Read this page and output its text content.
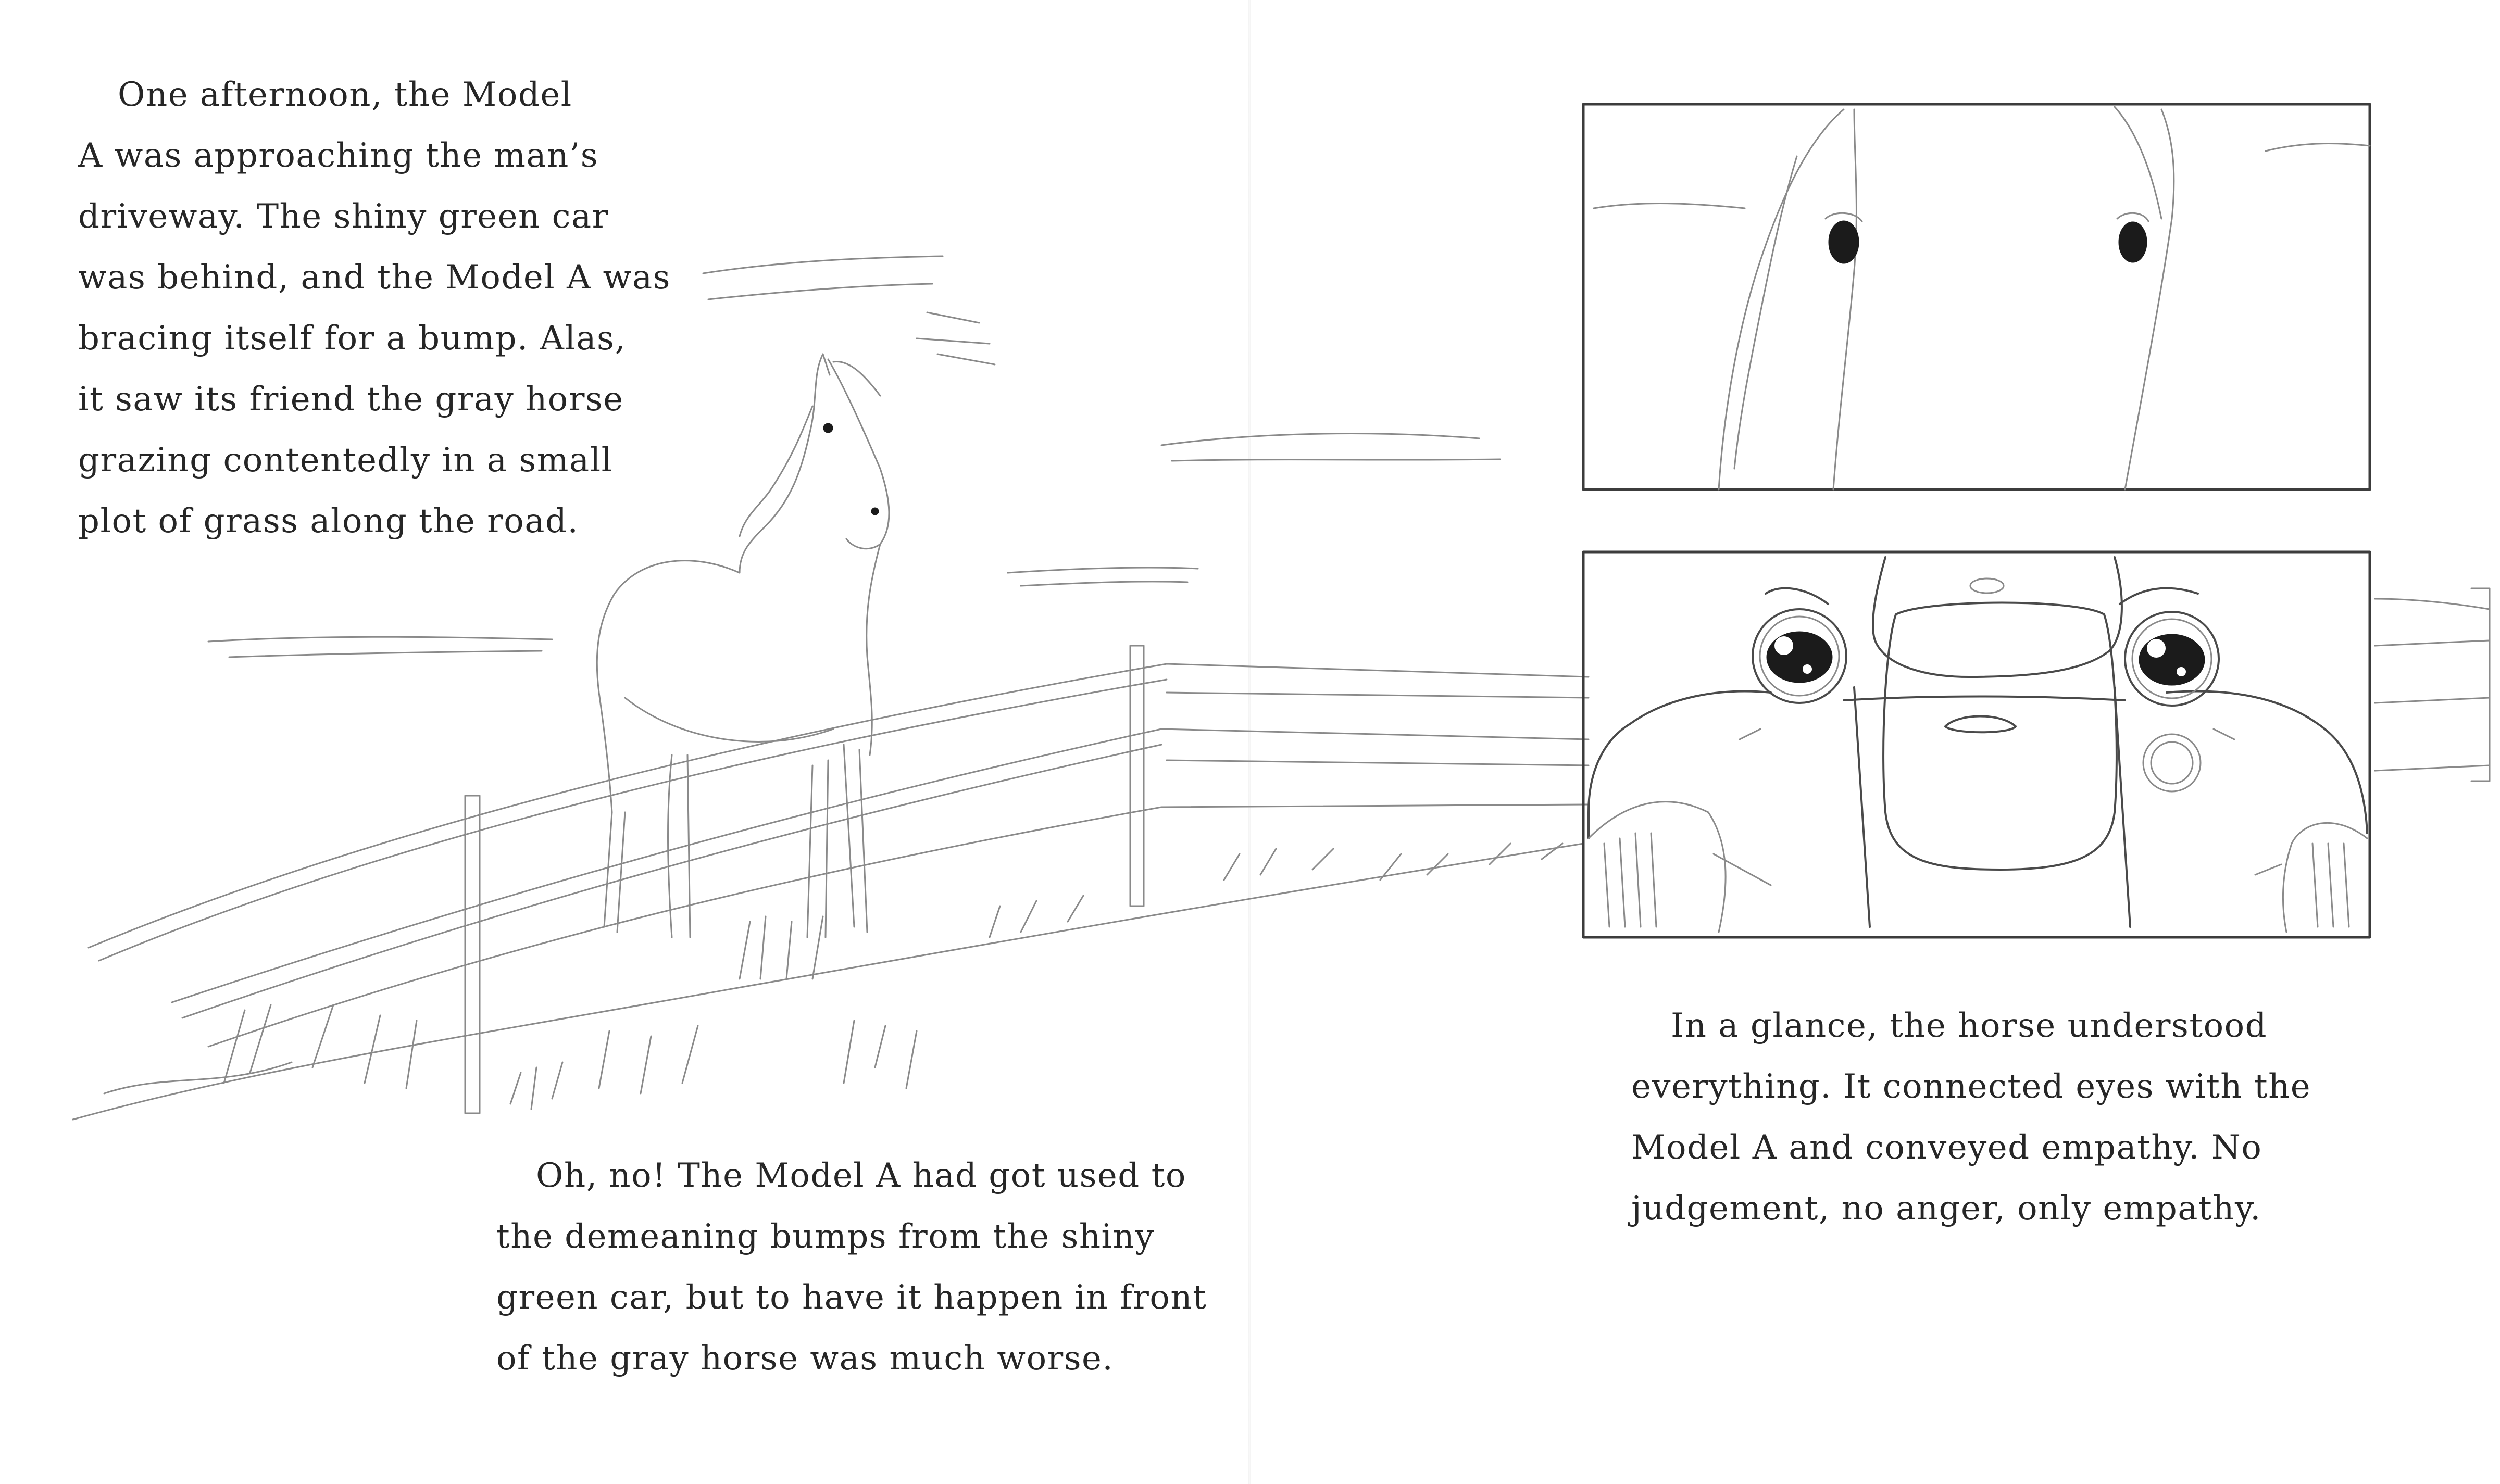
One afternoon, the Model
A was approaching the man’s
driveway. The shiny green car
was behind, and the Model A was
bracing itself for a bump. Alas,
it saw its friend the gray horse
grazing contentedly in a small
plot of grass along the road.
Oh, no! The Model A had got used to
the demeaning bumps from the shiny
green car, but to have it happen in front
of the gray horse was much worse.
In a glance, the horse understood
everything. It connected eyes with the
Model A and conveyed empathy. No
judgement, no anger, only empathy.
